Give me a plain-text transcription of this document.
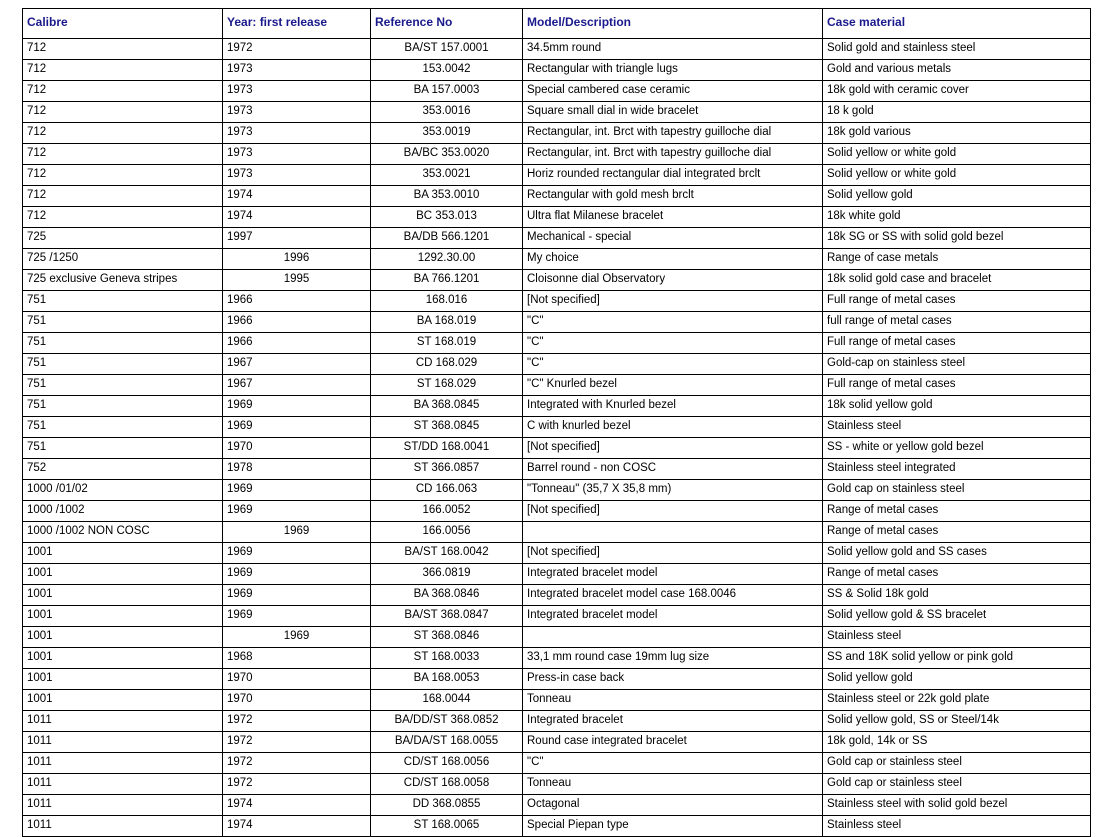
Calibre	Year: first release	Reference No	Model/Description	Case material
712	1972	BA/ST 157.0001	34.5mm round	Solid gold and stainless steel
712	1973	153.0042	Rectangular with triangle lugs	Gold and various metals
712	1973	BA 157.0003	Special cambered case ceramic	18k gold with ceramic cover
712	1973	353.0016	Square small dial in wide bracelet	18 k gold
712	1973	353.0019	Rectangular, int. Brct with tapestry guilloche dial	18k gold various
712	1973	BA/BC 353.0020	Rectangular, int. Brct with tapestry guilloche dial	Solid yellow or white gold
712	1973	353.0021	Horiz rounded rectangular dial integrated brclt	Solid yellow or white gold
712	1974	BA 353.0010	Rectangular with gold mesh brclt	Solid yellow gold
712	1974	BC 353.013	Ultra flat Milanese bracelet	18k white gold
725	1997	BA/DB 566.1201	Mechanical - special	18k SG or SS with solid gold bezel
725 /1250	1996	1292.30.00	My choice	Range of case metals
725 exclusive Geneva stripes	1995	BA 766.1201	Cloisonne dial Observatory	18k solid gold case and bracelet
751	1966	168.016	[Not specified]	Full range of metal cases
751	1966	BA 168.019	"C"	full range of metal cases
751	1966	ST 168.019	"C"	Full range of metal cases
751	1967	CD 168.029	"C"	Gold-cap on stainless steel
751	1967	ST 168.029	"C" Knurled bezel	Full range of metal cases
751	1969	BA 368.0845	Integrated with Knurled bezel	18k solid yellow gold
751	1969	ST 368.0845	C with knurled bezel	Stainless steel
751	1970	ST/DD 168.0041	[Not specified]	SS - white or yellow gold bezel
752	1978	ST 366.0857	Barrel round - non COSC	Stainless steel integrated
1000 /01/02	1969	CD 166.063	"Tonneau" (35,7 X 35,8 mm)	Gold cap on stainless steel
1000 /1002	1969	166.0052	[Not specified]	Range of metal cases
1000 /1002 NON COSC	1969	166.0056		Range of metal cases
1001	1969	BA/ST 168.0042	[Not specified]	Solid yellow gold and SS cases
1001	1969	366.0819	Integrated bracelet model	Range of metal cases
1001	1969	BA 368.0846	Integrated bracelet model case 168.0046	SS & Solid 18k gold
1001	1969	BA/ST 368.0847	Integrated bracelet model	Solid yellow gold & SS bracelet
1001	1969	ST 368.0846		Stainless steel
1001	1968	ST 168.0033	33,1 mm round case 19mm lug size	SS and 18K solid yellow or pink gold
1001	1970	BA 168.0053	Press-in case back	Solid yellow gold
1001	1970	168.0044	Tonneau	Stainless steel or 22k gold plate
1011	1972	BA/DD/ST 368.0852	Integrated bracelet	Solid yellow gold, SS or Steel/14k
1011	1972	BA/DA/ST 168.0055	Round case integrated bracelet	18k gold, 14k or SS
1011	1972	CD/ST 168.0056	"C"	Gold cap or stainless steel
1011	1972	CD/ST 168.0058	Tonneau	Gold cap or stainless steel
1011	1974	DD 368.0855	Octagonal	Stainless steel with solid gold bezel
1011	1974	ST 168.0065	Special Piepan type	Stainless steel
